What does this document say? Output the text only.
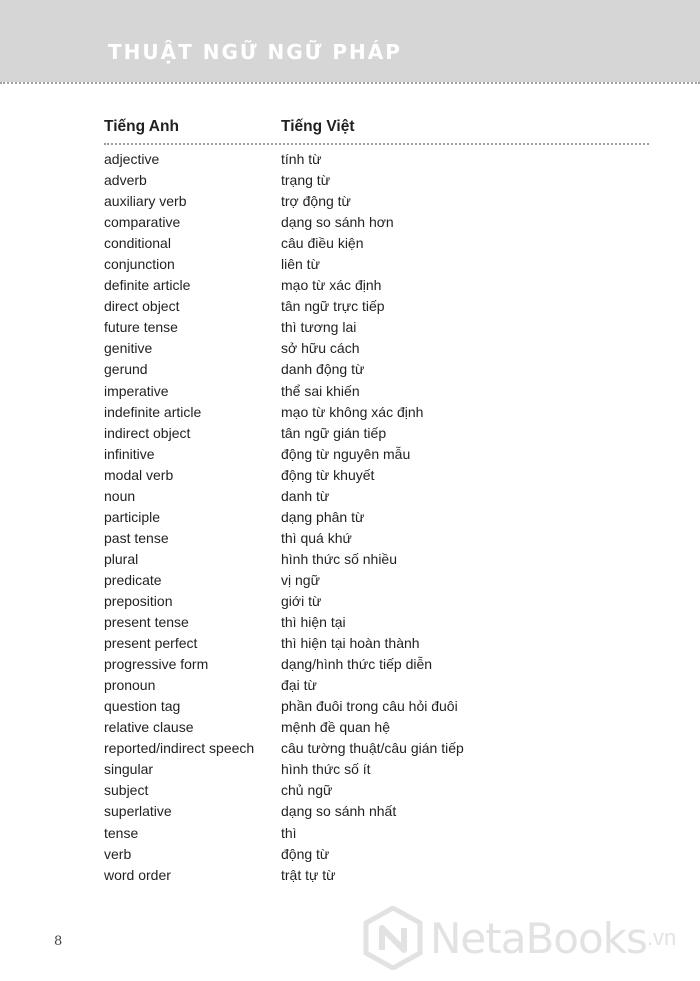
THUẬT NGỮ NGỮ PHÁP
Tiếng Anh	Tiếng Việt
adjective	tính từ
adverb	trạng từ
auxiliary verb	trợ động từ
comparative	dạng so sánh hơn
conditional	câu điều kiện
conjunction	liên từ
definite article	mạo từ xác định
direct object	tân ngữ trực tiếp
future tense	thì tương lai
genitive	sở hữu cách
gerund	danh động từ
imperative	thể sai khiến
indefinite article	mạo từ không xác định
indirect object	tân ngữ gián tiếp
infinitive	động từ nguyên mẫu
modal verb	động từ khuyết
noun	danh từ
participle	dạng phân từ
past tense	thì quá khứ
plural	hình thức số nhiều
predicate	vị ngữ
preposition	giới từ
present tense	thì hiện tại
present perfect	thì hiện tại hoàn thành
progressive form	dạng/hình thức tiếp diễn
pronoun	đại từ
question tag	phần đuôi trong câu hỏi đuôi
relative clause	mệnh đề quan hệ
reported/indirect speech	câu tường thuật/câu gián tiếp
singular	hình thức số ít
subject	chủ ngữ
superlative	dạng so sánh nhất
tense	thì
verb	động từ
word order	trật tự từ
8	NetaBooks .vn
